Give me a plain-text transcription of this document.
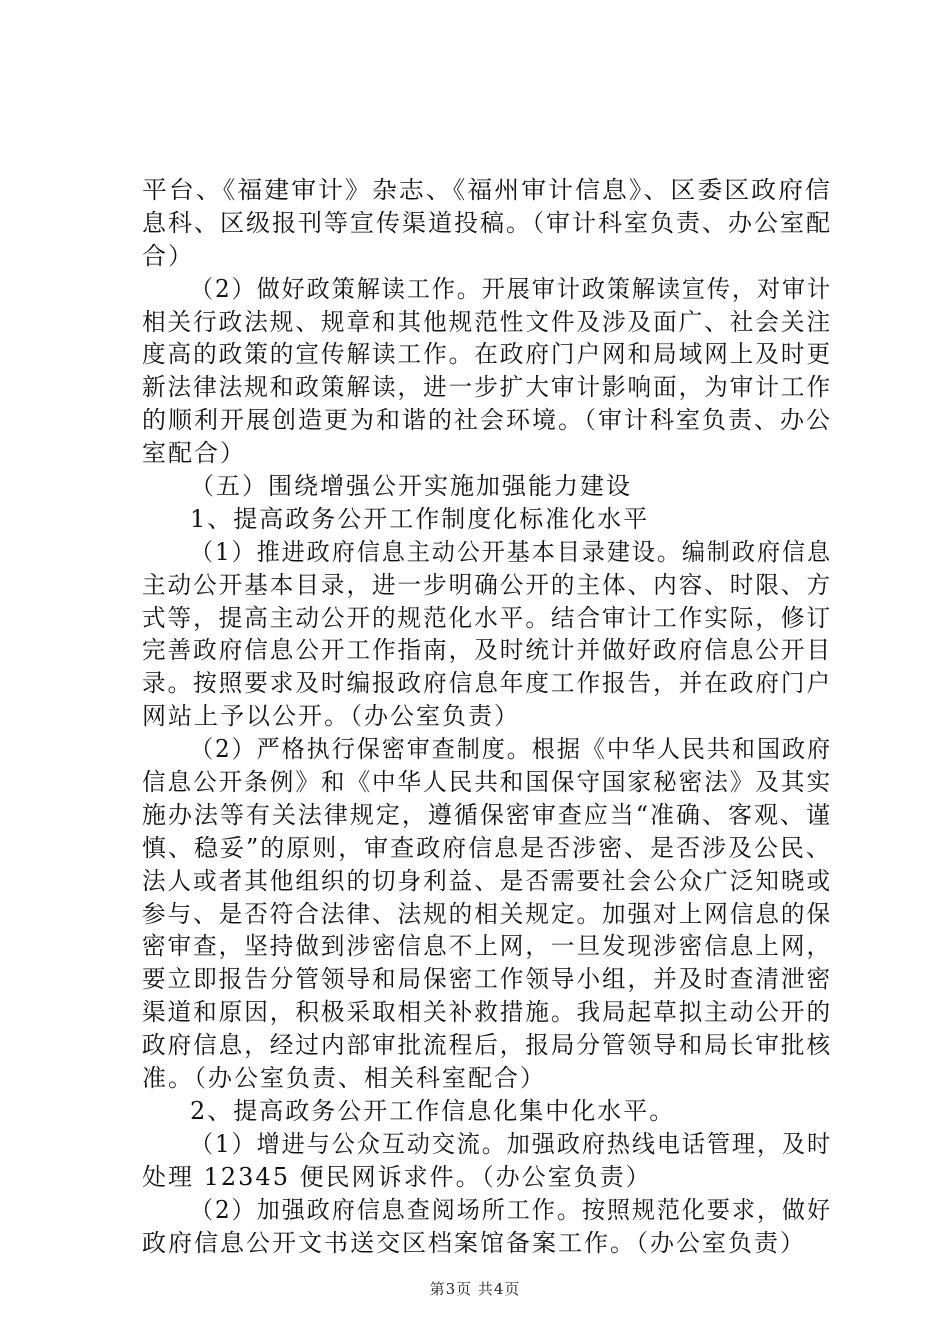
平台、《福建审计》杂志、《福州审计信息》、区委区政府信
息科、区级报刊等宣传渠道投稿。（审计科室负责、办公室配
合）
（2）做好政策解读工作。开展审计政策解读宣传，对审计
相关行政法规、规章和其他规范性文件及涉及面广、社会关注
度高的政策的宣传解读工作。在政府门户网和局域网上及时更
新法律法规和政策解读，进一步扩大审计影响面，为审计工作
的顺利开展创造更为和谐的社会环境。（审计科室负责、办公
室配合）
（五）围绕增强公开实施加强能力建设
1、提高政务公开工作制度化标准化水平
（1）推进政府信息主动公开基本目录建设。编制政府信息
主动公开基本目录，进一步明确公开的主体、内容、时限、方
式等，提高主动公开的规范化水平。结合审计工作实际，修订
完善政府信息公开工作指南，及时统计并做好政府信息公开目
录。按照要求及时编报政府信息年度工作报告，并在政府门户
网站上予以公开。（办公室负责）
（2）严格执行保密审查制度。根据《中华人民共和国政府
信息公开条例》和《中华人民共和国保守国家秘密法》及其实
施办法等有关法律规定，遵循保密审查应当“准确、客观、谨
慎、稳妥”的原则，审查政府信息是否涉密、是否涉及公民、
法人或者其他组织的切身利益、是否需要社会公众广泛知晓或
参与、是否符合法律、法规的相关规定。加强对上网信息的保
密审查，坚持做到涉密信息不上网，一旦发现涉密信息上网，
要立即报告分管领导和局保密工作领导小组，并及时查清泄密
渠道和原因，积极采取相关补救措施。我局起草拟主动公开的
政府信息，经过内部审批流程后，报局分管领导和局长审批核
准。（办公室负责、相关科室配合）
2、提高政务公开工作信息化集中化水平。
（1）增进与公众互动交流。加强政府热线电话管理，及时
处理 12345 便民网诉求件。（办公室负责）
（2）加强政府信息查阅场所工作。按照规范化要求，做好
政府信息公开文书送交区档案馆备案工作。（办公室负责）
第3页 共4页
